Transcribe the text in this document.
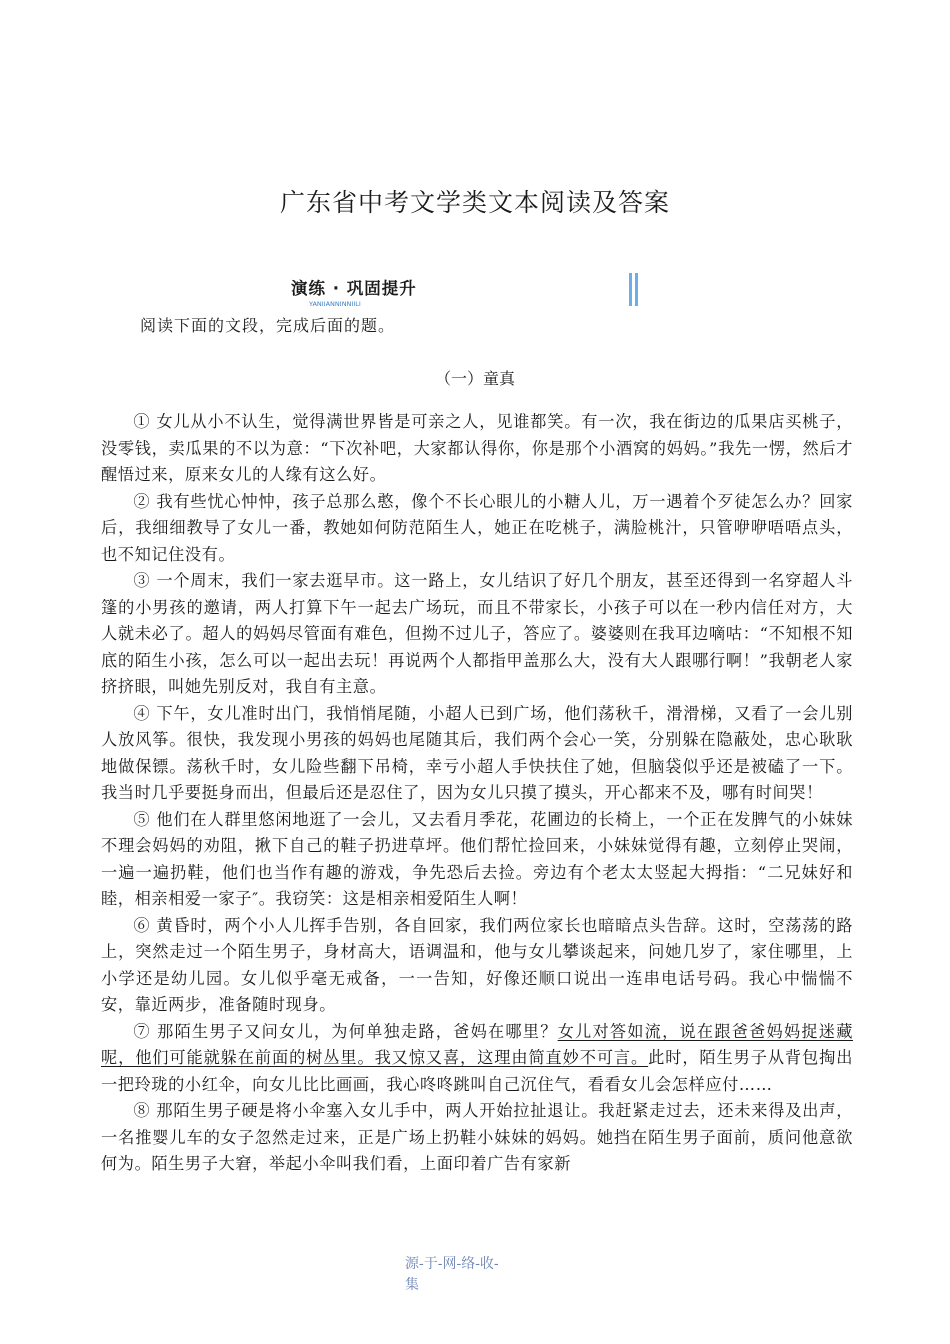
广东省中考文学类文本阅读及答案
演练 · 巩固提升
YANIIANNINNIILI
阅读下面的文段，完成后面的题。
（一）童真

① 女儿从小不认生，觉得满世界皆是可亲之人，见谁都笑。有一次，我在街边的瓜果店买桃子，没零钱，卖瓜果的不以为意：“下次补吧，大家都认得你，你是那个小酒窝的妈妈。”我先一愣，然后才醒悟过来，原来女儿的人缘有这么好。

② 我有些忧心忡忡，孩子总那么憨，像个不长心眼儿的小糖人儿，万一遇着个歹徒怎么办？回家后，我细细教导了女儿一番，教她如何防范陌生人，她正在吃桃子，满脸桃汁，只管咿咿唔唔点头，也不知记住没有。

③ 一个周末，我们一家去逛早市。这一路上，女儿结识了好几个朋友，甚至还得到一名穿超人斗篷的小男孩的邀请，两人打算下午一起去广场玩，而且不带家长，小孩子可以在一秒内信任对方，大人就未必了。超人的妈妈尽管面有难色，但拗不过儿子，答应了。婆婆则在我耳边嘀咕：“不知根不知底的陌生小孩，怎么可以一起出去玩！再说两个人都指甲盖那么大，没有大人跟哪行啊！”我朝老人家挤挤眼，叫她先别反对，我自有主意。

④ 下午，女儿准时出门，我悄悄尾随，小超人已到广场，他们荡秋千，滑滑梯，又看了一会儿别人放风筝。很快，我发现小男孩的妈妈也尾随其后，我们两个会心一笑，分别躲在隐蔽处，忠心耿耿地做保镖。荡秋千时，女儿险些翻下吊椅，幸亏小超人手快扶住了她，但脑袋似乎还是被磕了一下。我当时几乎要挺身而出，但最后还是忍住了，因为女儿只摸了摸头，开心都来不及，哪有时间哭！

⑤ 他们在人群里悠闲地逛了一会儿，又去看月季花，花圃边的长椅上，一个正在发脾气的小妹妹不理会妈妈的劝阻，揪下自己的鞋子扔进草坪。他们帮忙捡回来，小妹妹觉得有趣，立刻停止哭闹，一遍一遍扔鞋，他们也当作有趣的游戏，争先恐后去捡。旁边有个老太太竖起大拇指：“二兄妹好和睦，相亲相爱一家子″。我窃笑：这是相亲相爱陌生人啊！

⑥ 黄昏时，两个小人儿挥手告别，各自回家，我们两位家长也暗暗点头告辞。这时，空荡荡的路上，突然走过一个陌生男子，身材高大，语调温和，他与女儿攀谈起来，问她几岁了，家住哪里，上小学还是幼儿园。女儿似乎毫无戒备，一一告知，好像还顺口说出一连串电话号码。我心中惴惴不安，靠近两步，准备随时现身。

⑦ 那陌生男子又问女儿，为何单独走路，爸妈在哪里？女儿对答如流，说在跟爸爸妈妈捉迷藏呢，他们可能就躲在前面的树丛里。我又惊又喜，这理由简直妙不可言。此时，陌生男子从背包掏出一把玲珑的小红伞，向女儿比比画画，我心咚咚跳叫自己沉住气，看看女儿会怎样应付……

⑧ 那陌生男子硬是将小伞塞入女儿手中，两人开始拉扯退让。我赶紧走过去，还未来得及出声，一名推婴儿车的女子忽然走过来，正是广场上扔鞋小妹妹的妈妈。她挡在陌生男子面前，质问他意欲何为。陌生男子大窘，举起小伞叫我们看，上面印着广告有家新

源-于-网-络-收-
集
